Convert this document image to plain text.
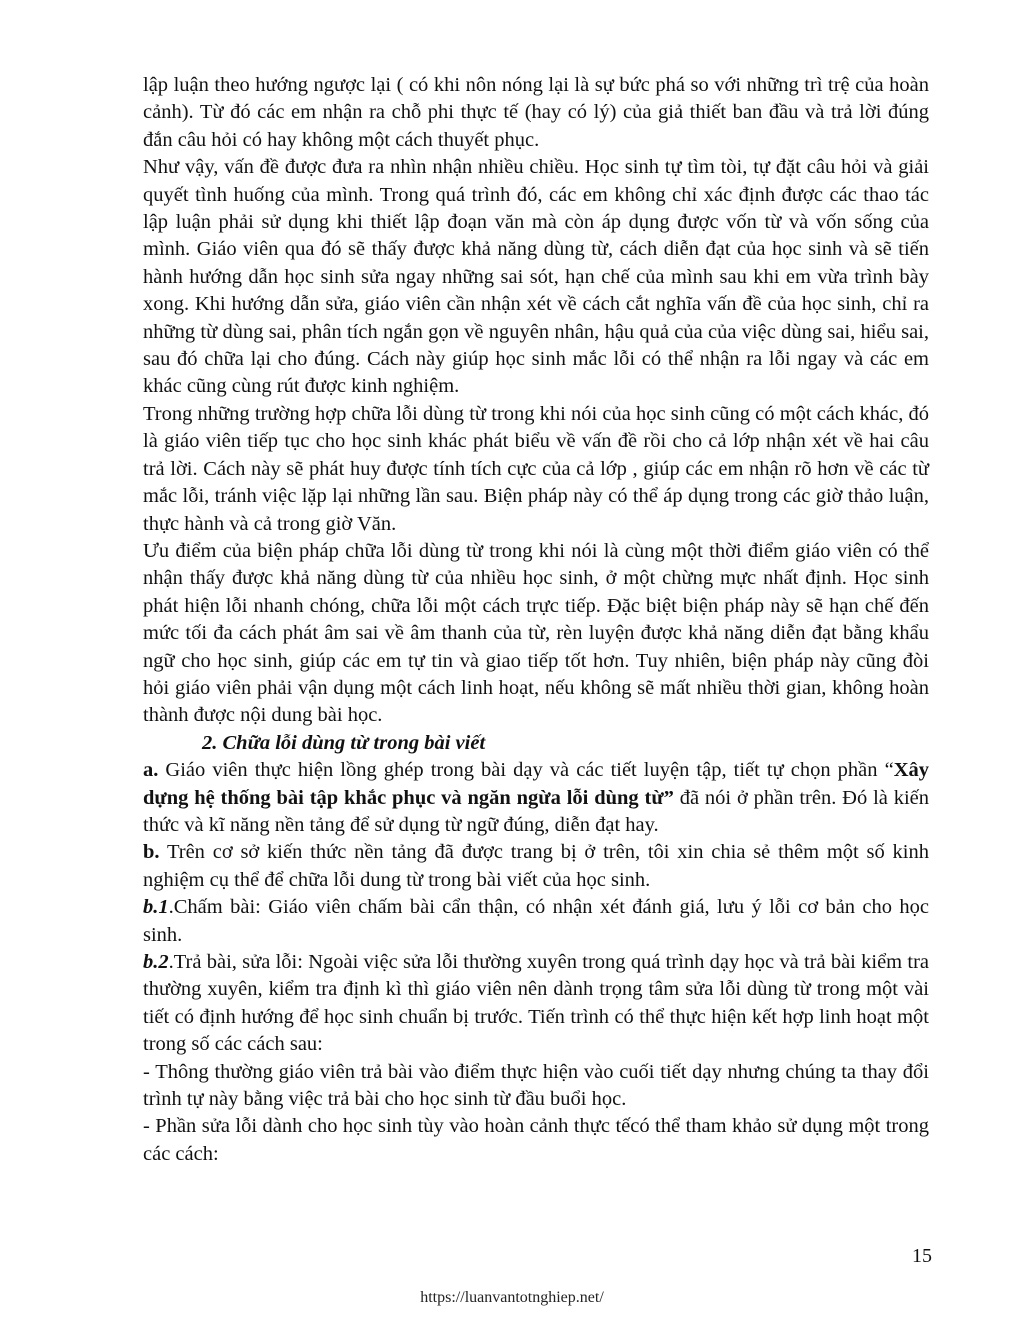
lập luận theo hướng ngược lại ( có khi nôn nóng lại là sự bức phá so với những trì trệ của hoàn cảnh). Từ đó các em nhận ra chỗ phi thực tế (hay có lý) của giả thiết ban đầu và trả lời đúng đắn câu hỏi có hay không một cách thuyết phục.

Như vậy, vấn đề được đưa ra nhìn nhận nhiều chiều. Học sinh tự tìm tòi, tự đặt câu hỏi và giải quyết tình huống của mình. Trong quá trình đó, các em không chỉ xác định được các thao tác lập luận phải sử dụng khi thiết lập đoạn văn mà còn áp dụng được vốn từ và vốn sống của mình. Giáo viên qua đó sẽ thấy được khả năng dùng từ, cách diễn đạt của học sinh và sẽ tiến hành hướng dẫn học sinh sửa ngay những sai sót, hạn chế của mình sau khi em vừa trình bày xong. Khi hướng dẫn sửa, giáo viên cần nhận xét về cách cắt nghĩa vấn đề của học sinh, chỉ ra những từ dùng sai, phân tích ngắn gọn về nguyên nhân, hậu quả của của việc dùng sai, hiểu sai, sau đó chữa lại cho đúng. Cách này giúp học sinh mắc lỗi có thể nhận ra lỗi ngay và các em khác cũng cùng rút được kinh nghiệm.

Trong những trường hợp chữa lỗi dùng từ trong khi nói của học sinh cũng có một cách khác, đó là giáo viên tiếp tục cho học sinh khác phát biểu về vấn đề rồi cho cả lớp nhận xét về hai câu trả lời. Cách này sẽ phát huy được tính tích cực của cả lớp , giúp các em nhận rõ hơn về các từ mắc lỗi, tránh việc lặp lại những lần sau. Biện pháp này có thể áp dụng trong các giờ thảo luận, thực hành và cả trong giờ Văn.

Ưu điểm của biện pháp chữa lỗi dùng từ trong khi nói là cùng một thời điểm giáo viên có thể nhận thấy được khả năng dùng từ của nhiều học sinh, ở một chừng mực nhất định. Học sinh phát hiện lỗi nhanh chóng, chữa lỗi một cách trực tiếp. Đặc biệt biện pháp này sẽ hạn chế đến mức tối đa cách phát âm sai về âm thanh của từ, rèn luyện được khả năng diễn đạt bằng khẩu ngữ cho học sinh, giúp các em tự tin và giao tiếp tốt hơn. Tuy nhiên, biện pháp này cũng đòi hỏi giáo viên phải vận dụng một cách linh hoạt, nếu không sẽ mất nhiều thời gian, không hoàn thành được nội dung bài học.

2. Chữa lỗi dùng từ trong bài viết

a. Giáo viên thực hiện lồng ghép trong bài dạy và các tiết luyện tập, tiết tự chọn phần “Xây dựng hệ thống bài tập khắc phục và ngăn ngừa lỗi dùng từ” đã nói ở phần trên. Đó là kiến thức và kĩ năng nền tảng để sử dụng từ ngữ đúng, diễn đạt hay.

b. Trên cơ sở kiến thức nền tảng đã được trang bị ở trên, tôi xin chia sẻ thêm một số kinh nghiệm cụ thể để chữa lỗi dung từ trong bài viết của học sinh.

b.1.Chấm bài: Giáo viên chấm bài cẩn thận, có nhận xét đánh giá, lưu ý lỗi cơ bản cho học sinh.

b.2.Trả bài, sửa lỗi: Ngoài việc sửa lỗi thường xuyên trong quá trình dạy học và trả bài kiểm tra thường xuyên, kiểm tra định kì thì giáo viên nên dành trọng tâm sửa lỗi dùng từ trong một vài tiết có định hướng để học sinh chuẩn bị trước. Tiến trình có thể thực hiện kết hợp linh hoạt một trong số các cách sau:

- Thông thường giáo viên trả bài vào điểm thực hiện vào cuối tiết dạy nhưng chúng ta thay đổi trình tự này bằng việc trả bài cho học sinh từ đầu buổi học.

- Phần sửa lỗi dành cho học sinh tùy vào hoàn cảnh thực tếcó thể tham khảo sử dụng một trong các cách:

15
https://luanvantotnghiep.net/
